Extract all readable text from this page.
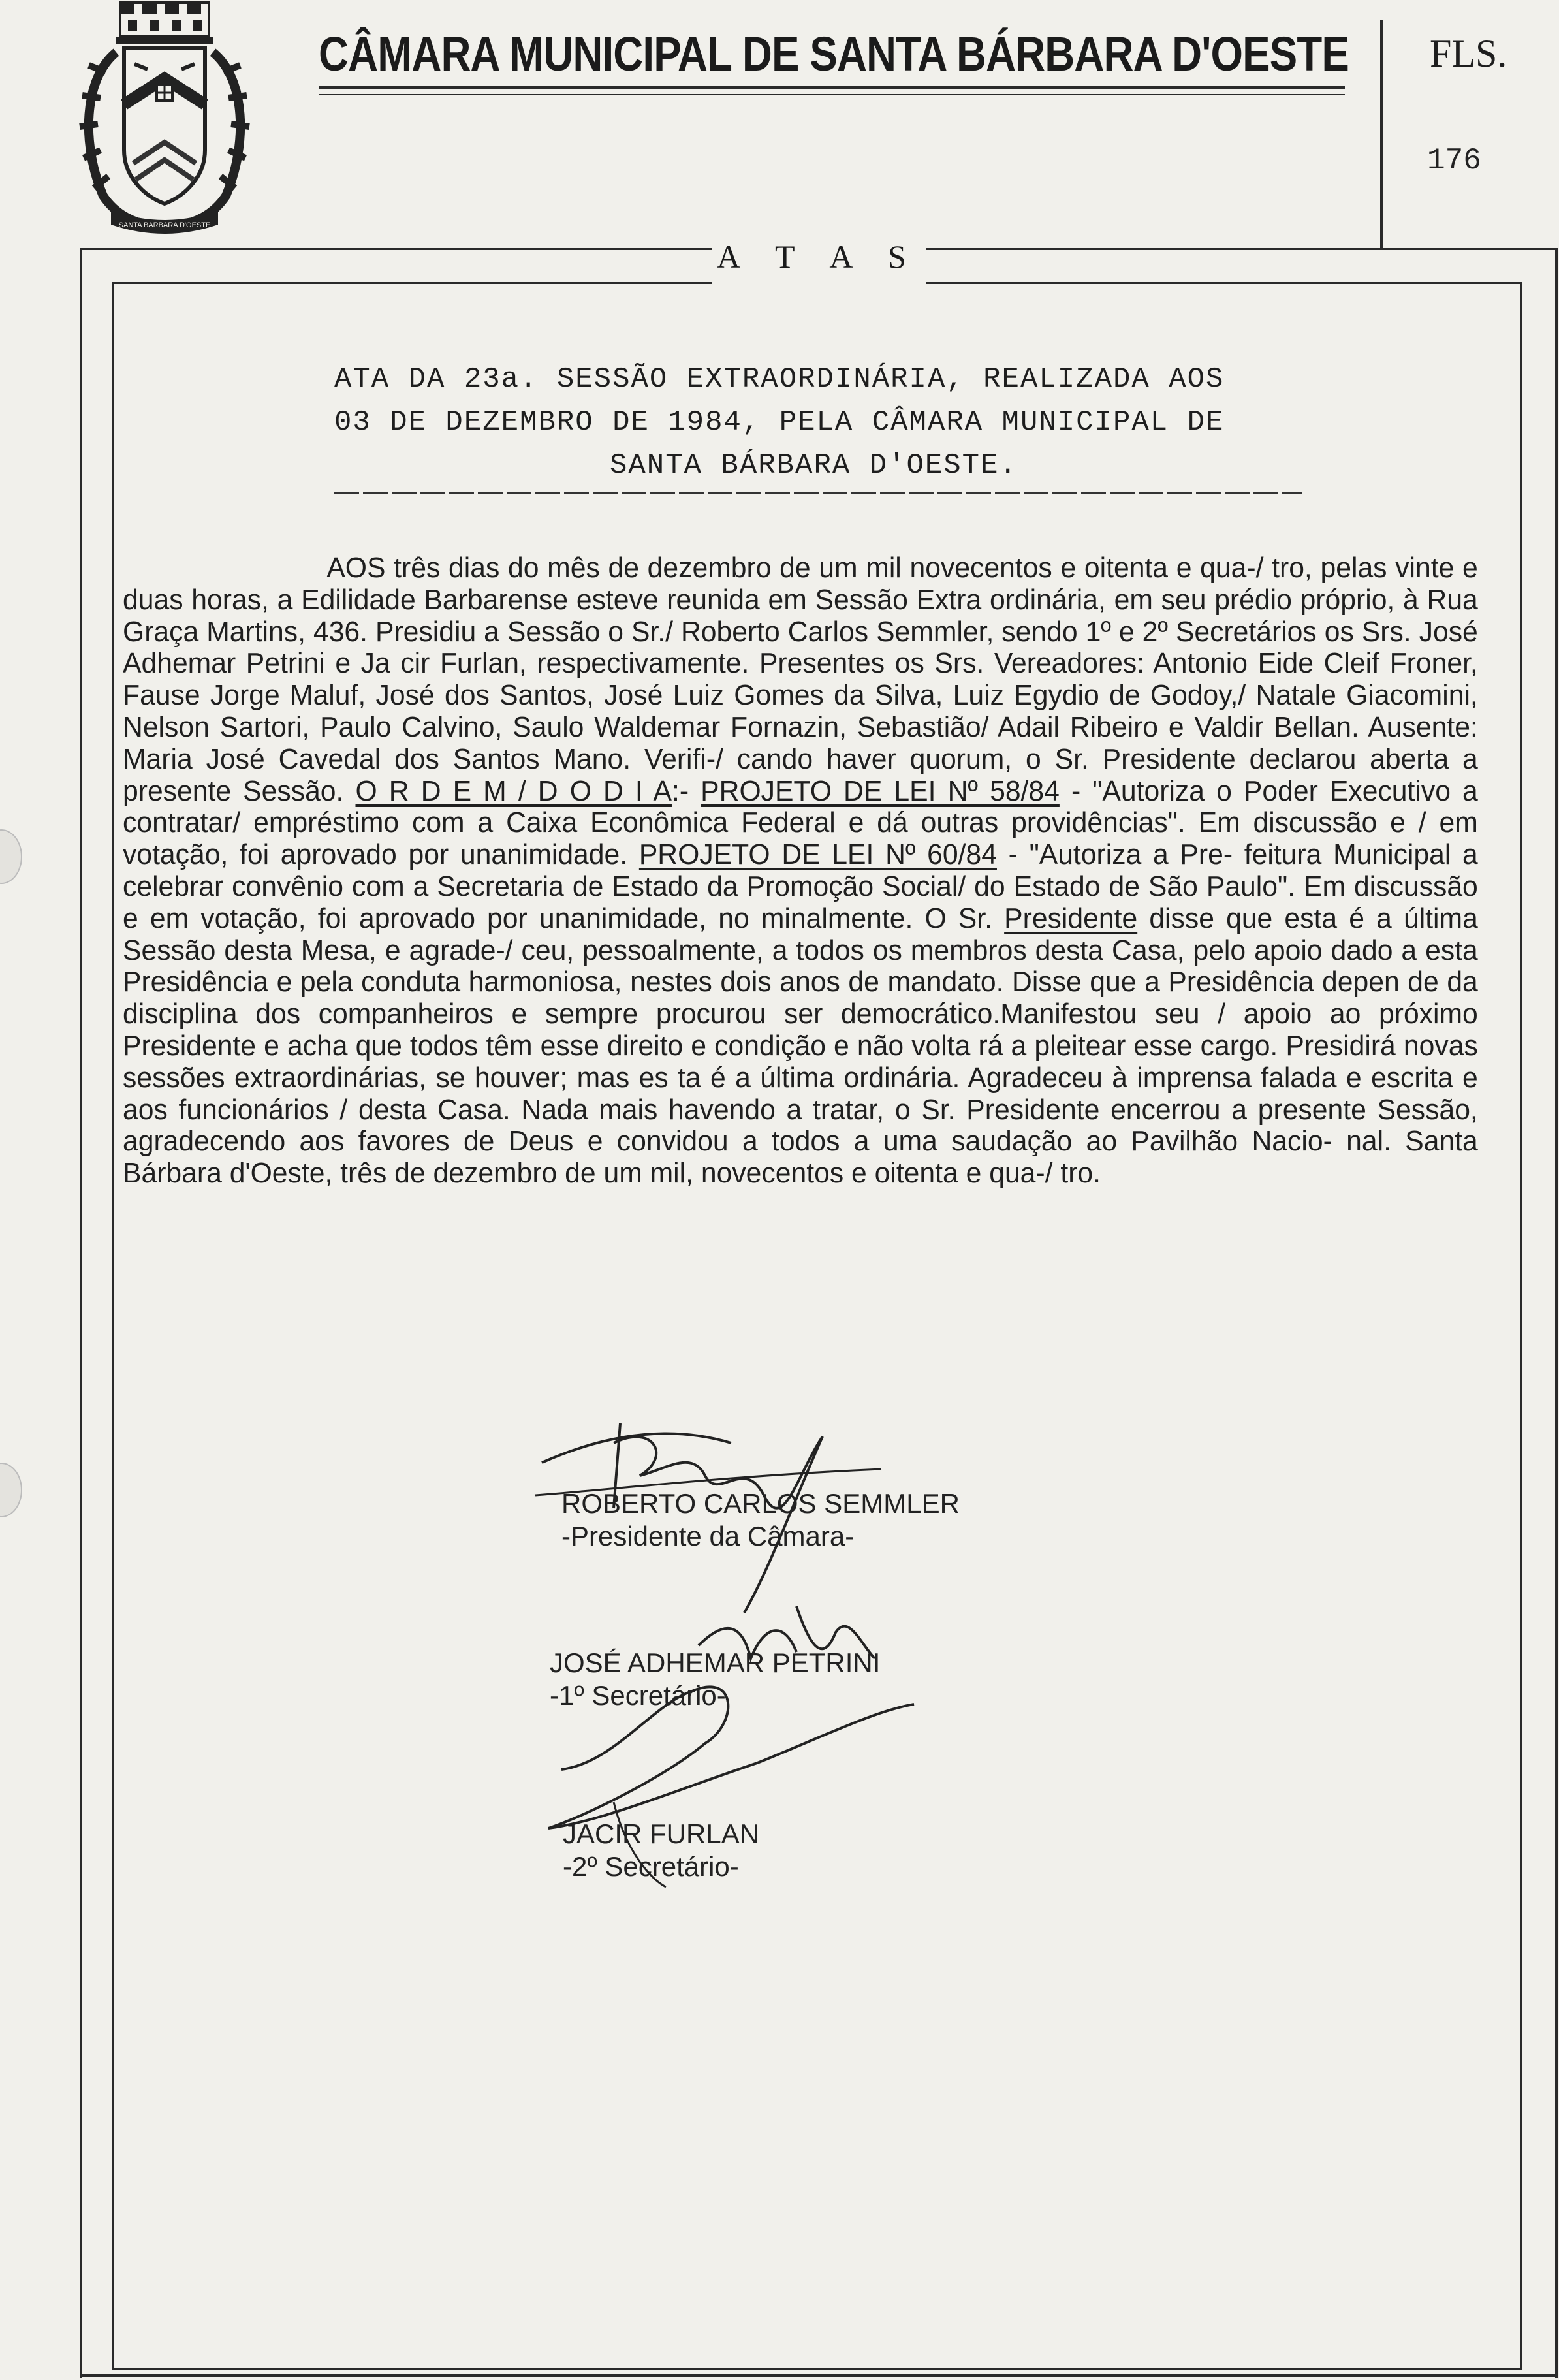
SANTA BARBARA D'OESTE
CÂMARA MUNICIPAL DE SANTA BÁRBARA D'OESTE FLS.
176
A T A S
ATA DA 23a. SESSÃO EXTRAORDINÁRIA, REALIZADA AOS
03 DE DEZEMBRO DE 1984, PELA CÂMARA MUNICIPAL DE
SANTA BÁRBARA D'OESTE.
AOS três dias do mês de dezembro de um mil novecentos e oitenta e qua-/ tro, pelas vinte e duas horas, a Edilidade Barbarense esteve reunida em Sessão Extra ordinária, em seu prédio próprio, à Rua Graça Martins, 436. Presidiu a Sessão o Sr./ Roberto Carlos Semmler, sendo 1º e 2º Secretários os Srs. José Adhemar Petrini e Ja cir Furlan, respectivamente. Presentes os Srs. Vereadores: Antonio Eide Cleif Froner, Fause Jorge Maluf, José dos Santos, José Luiz Gomes da Silva, Luiz Egydio de Godoy,/ Natale Giacomini, Nelson Sartori, Paulo Calvino, Saulo Waldemar Fornazin, Sebastião/ Adail Ribeiro e Valdir Bellan. Ausente: Maria José Cavedal dos Santos Mano. Verifi-/ cando haver quorum, o Sr. Presidente declarou aberta a presente Sessão. O R D E M / D O D I A:- PROJETO DE LEI Nº 58/84 - "Autoriza o Poder Executivo a contratar/ empréstimo com a Caixa Econômica Federal e dá outras providências". Em discussão e / em votação, foi aprovado por unanimidade. PROJETO DE LEI Nº 60/84 - "Autoriza a Pre- feitura Municipal a celebrar convênio com a Secretaria de Estado da Promoção Social/ do Estado de São Paulo". Em discussão e em votação, foi aprovado por unanimidade, no minalmente. O Sr. Presidente disse que esta é a última Sessão desta Mesa, e agrade-/ ceu, pessoalmente, a todos os membros desta Casa, pelo apoio dado a esta Presidência e pela conduta harmoniosa, nestes dois anos de mandato. Disse que a Presidência depen de da disciplina dos companheiros e sempre procurou ser democrático.Manifestou seu / apoio ao próximo Presidente e acha que todos têm esse direito e condição e não volta rá a pleitear esse cargo. Presidirá novas sessões extraordinárias, se houver; mas es ta é a última ordinária. Agradeceu à imprensa falada e escrita e aos funcionários / desta Casa. Nada mais havendo a tratar, o Sr. Presidente encerrou a presente Sessão, agradecendo aos favores de Deus e convidou a todos a uma saudação ao Pavilhão Nacio- nal. Santa Bárbara d'Oeste, três de dezembro de um mil, novecentos e oitenta e qua-/ tro.
ROBERTO CARLOS SEMMLER
-Presidente da Câmara-
JOSÉ ADHEMAR PETRINI
-1º Secretário-
JACIR FURLAN
-2º Secretário-
